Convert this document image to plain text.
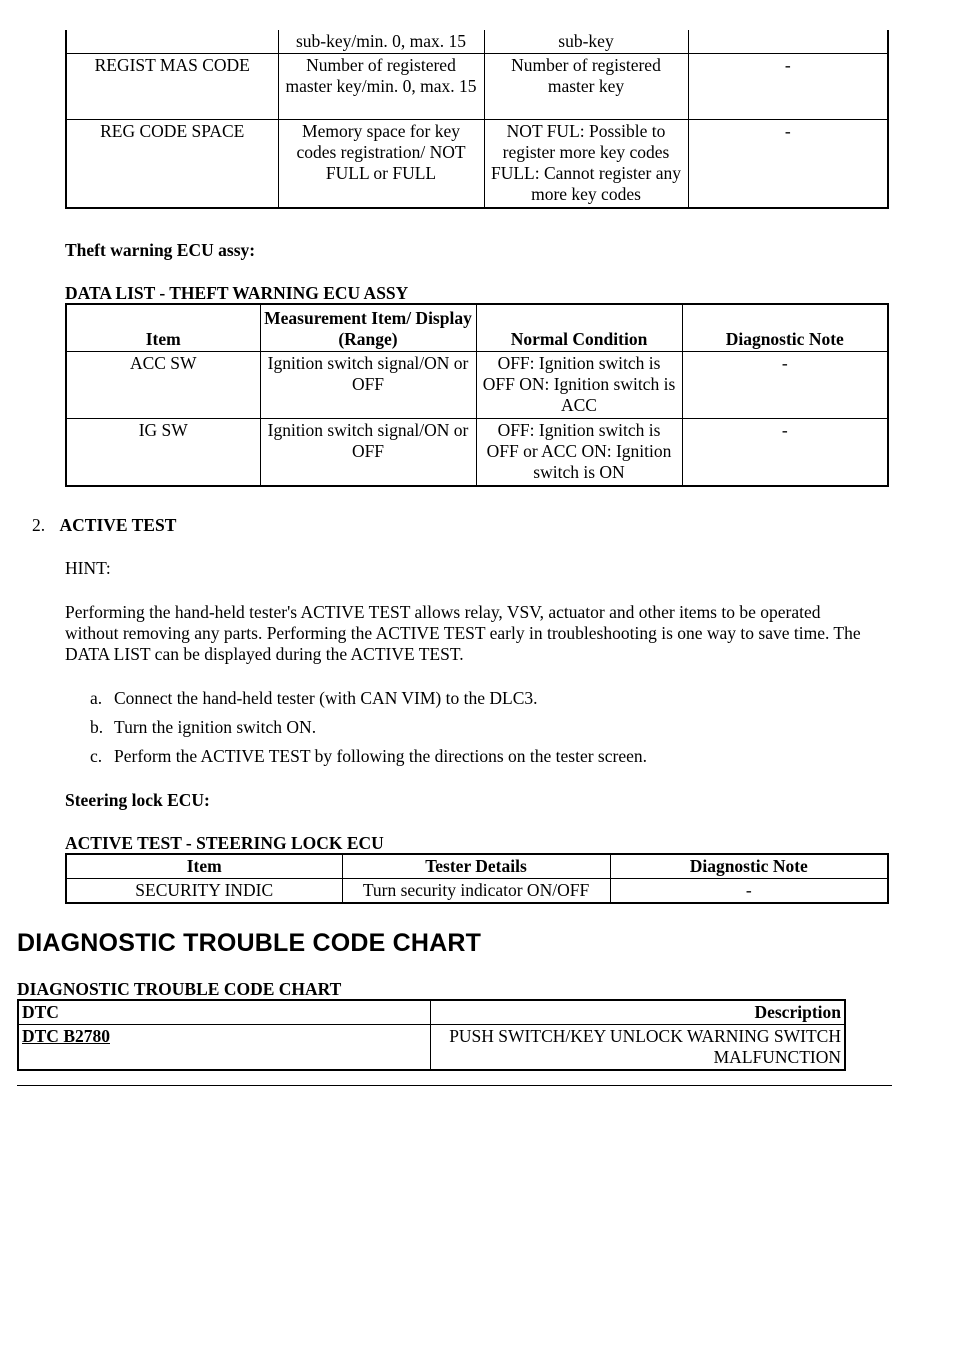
	sub-key/min. 0, max. 15	sub-key	
REGIST MAS CODE	Number of registered master key/min. 0, max. 15	Number of registered master key	-
REG CODE SPACE	Memory space for key codes registration/ NOT FULL or FULL	NOT FUL: Possible to register more key codes FULL: Cannot register any more key codes	-
Theft warning ECU assy:
DATA LIST - THEFT WARNING ECU ASSY
Item	Measurement Item/ Display (Range)	Normal Condition	Diagnostic Note
ACC SW	Ignition switch signal/ON or OFF	OFF: Ignition switch is OFF ON: Ignition switch is ACC	-
IG SW	Ignition switch signal/ON or OFF	OFF: Ignition switch is OFF or ACC ON: Ignition switch is ON	-
2. ACTIVE TEST
HINT:
Performing the hand-held tester's ACTIVE TEST allows relay, VSV, actuator and other items to be operated without removing any parts. Performing the ACTIVE TEST early in troubleshooting is one way to save time. The DATA LIST can be displayed during the ACTIVE TEST.
a. Connect the hand-held tester (with CAN VIM) to the DLC3.
b. Turn the ignition switch ON.
c. Perform the ACTIVE TEST by following the directions on the tester screen.
Steering lock ECU:
ACTIVE TEST - STEERING LOCK ECU
Item	Tester Details	Diagnostic Note
SECURITY INDIC	Turn security indicator ON/OFF	-
DIAGNOSTIC TROUBLE CODE CHART
DIAGNOSTIC TROUBLE CODE CHART
DTC	Description
DTC B2780	PUSH SWITCH/KEY UNLOCK WARNING SWITCH MALFUNCTION
